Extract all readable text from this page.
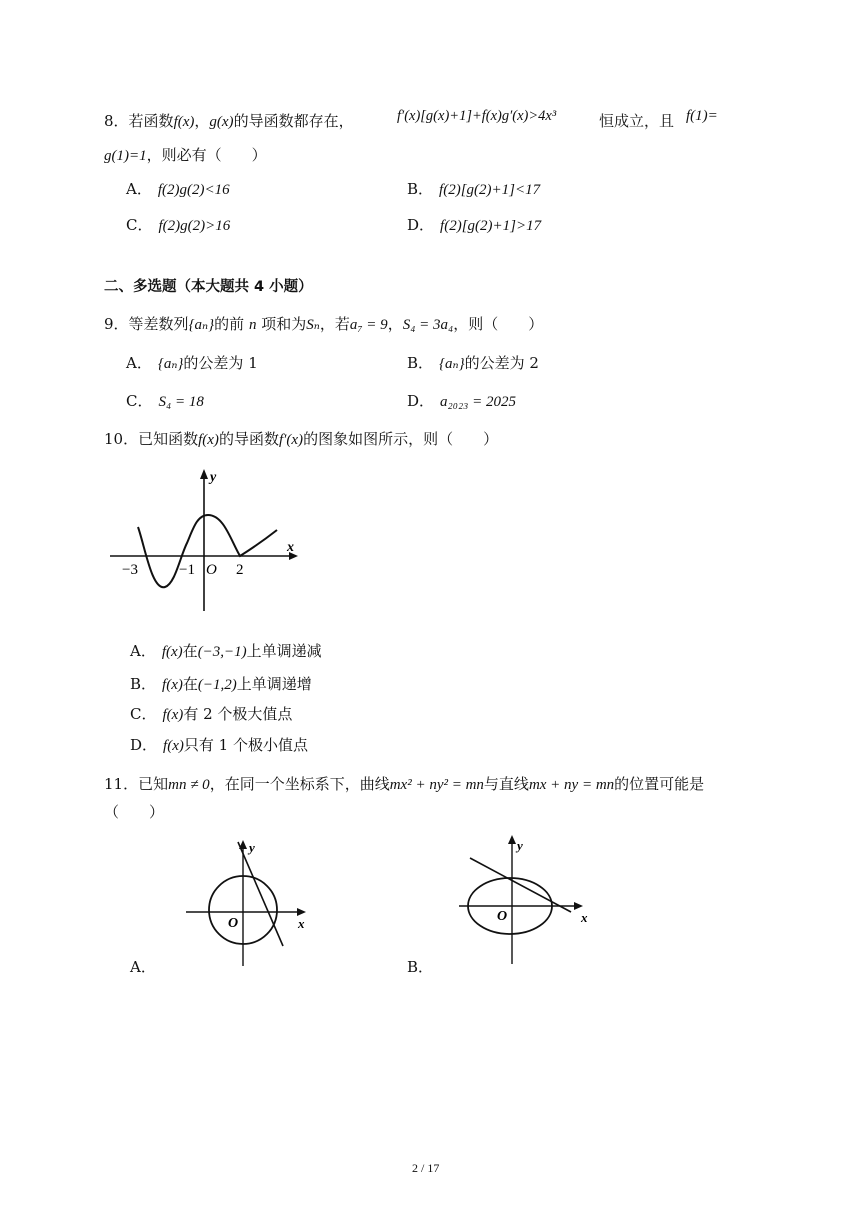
8．若函数f(x)，g(x)的导函数都存在，	f′(x)[g(x)+1]+f(x)g′(x)>4x³	恒成立，且 f(1)=
g(1)=1，则必有（　　）
A． f(2)g(2)<16	B． f(2)[g(2)+1]<17
C． f(2)g(2)>16	D． f(2)[g(2)+1]>17
二、多选题（本大题共 4 小题）
9．等差数列{aₙ}的前 n 项和为Sₙ，若a₇ = 9，S₄ = 3a₄，则（　　）
A． {aₙ}的公差为 1	B． {aₙ}的公差为 2
C． S₄ = 18	D． a₂₀₂₃ = 2025
10．已知函数f(x)的导函数f′(x)的图象如图所示，则（　　）
y
x
−3	−1 O 2
A． f(x)在(−3,−1)上单调递减
B． f(x)在(−1,2)上单调递增
C． f(x)有 2 个极大值点
D． f(x)只有 1 个极小值点
11．已知mn ≠ 0，在同一个坐标系下，曲线mx² + ny² = mn与直线mx + ny = mn的位置可能是
（　　）
y
x
O
A．
y
x
O
B．
2 / 17
